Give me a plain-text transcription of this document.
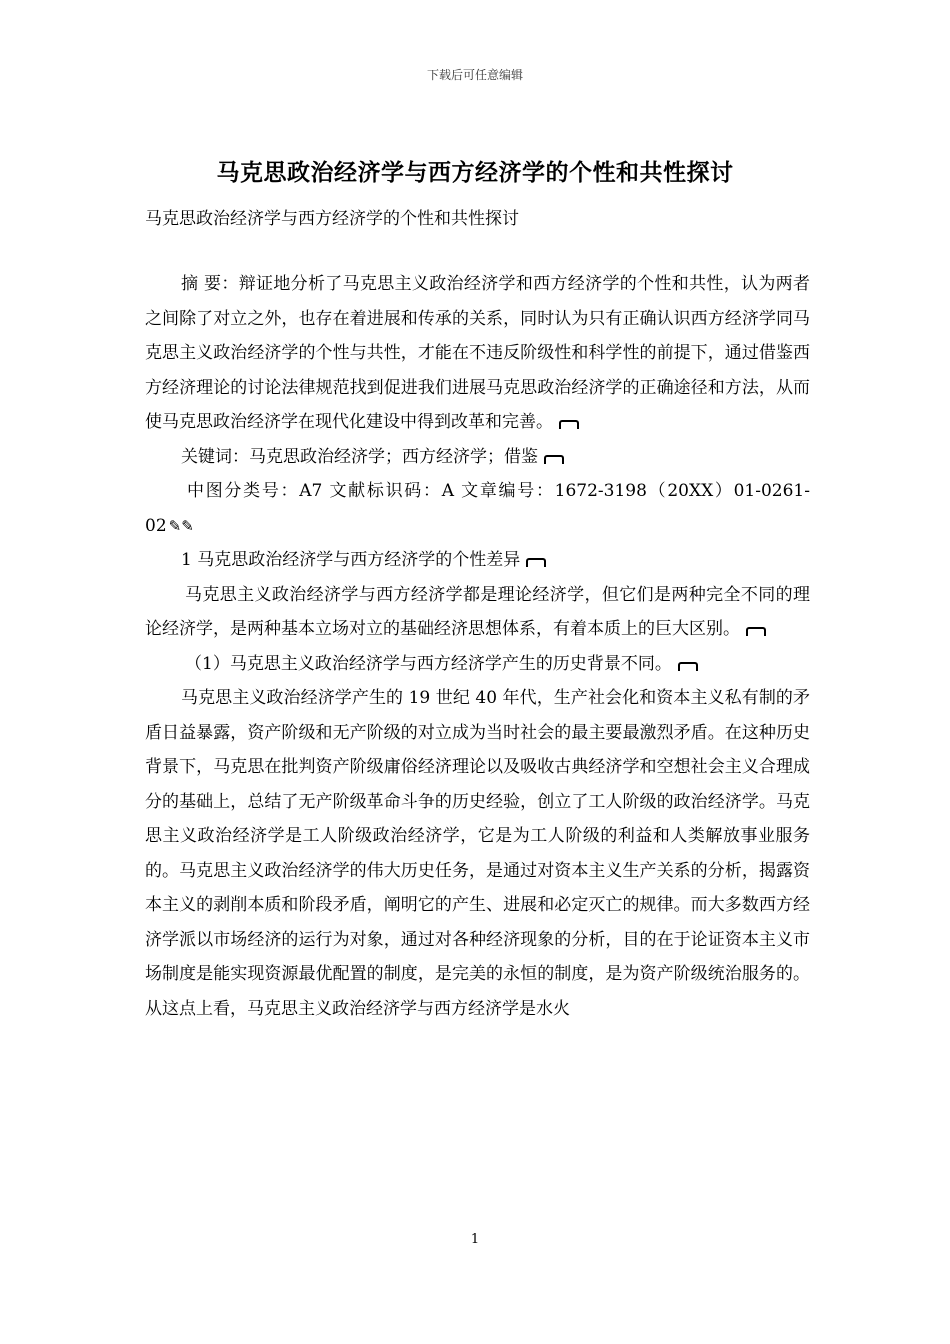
下载后可任意编辑
马克思政治经济学与西方经济学的个性和共性探讨
马克思政治经济学与西方经济学的个性和共性探讨

摘 要：辩证地分析了马克思主义政治经济学和西方经济学的个性和共性，认为两者之间除了对立之外，也存在着进展和传承的关系，同时认为只有正确认识西方经济学同马克思主义政治经济学的个性与共性，才能在不违反阶级性和科学性的前提下，通过借鉴西方经济理论的讨论法律规范找到促进我们进展马克思政治经济学的正确途径和方法，从而使马克思政治经济学在现代化建设中得到改革和完善。

关键词：马克思政治经济学；西方经济学；借鉴

中图分类号：A7 文献标识码：A 文章编号：1672-3198（20XX）01-0261-02 ✎✎

1 马克思政治经济学与西方经济学的个性差异

马克思主义政治经济学与西方经济学都是理论经济学，但它们是两种完全不同的理论经济学，是两种基本立场对立的基础经济思想体系，有着本质上的巨大区别。

（1）马克思主义政治经济学与西方经济学产生的历史背景不同。

马克思主义政治经济学产生的 19 世纪 40 年代，生产社会化和资本主义私有制的矛盾日益暴露，资产阶级和无产阶级的对立成为当时社会的最主要最激烈矛盾。在这种历史背景下，马克思在批判资产阶级庸俗经济理论以及吸收古典经济学和空想社会主义合理成分的基础上，总结了无产阶级革命斗争的历史经验，创立了工人阶级的政治经济学。马克思主义政治经济学是工人阶级政治经济学，它是为工人阶级的利益和人类解放事业服务的。马克思主义政治经济学的伟大历史任务，是通过对资本主义生产关系的分析，揭露资本主义的剥削本质和阶段矛盾，阐明它的产生、进展和必定灭亡的规律。而大多数西方经济学派以市场经济的运行为对象，通过对各种经济现象的分析，目的在于论证资本主义市场制度是能实现资源最优配置的制度，是完美的永恒的制度，是为资产阶级统治服务的。从这点上看，马克思主义政治经济学与西方经济学是水火

1
